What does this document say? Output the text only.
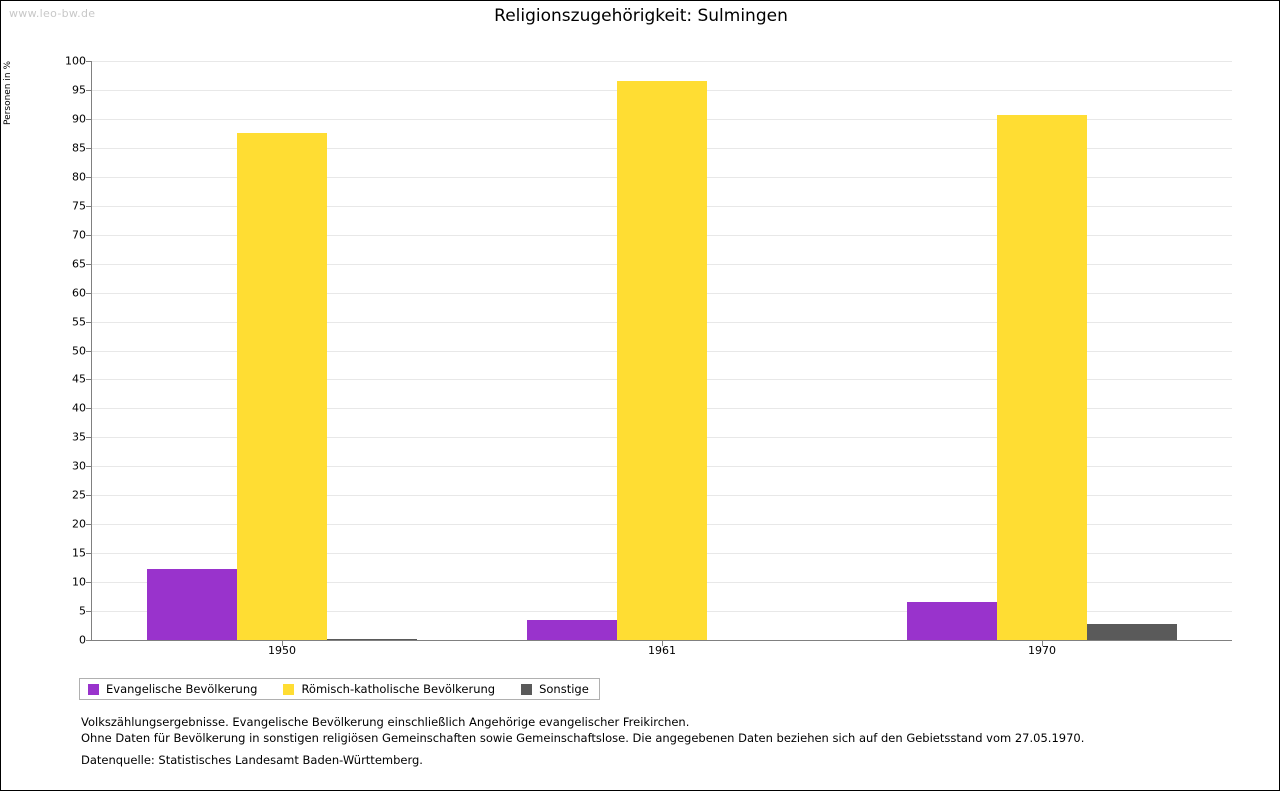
www.leo-bw.de	Religionszugehörigkeit: Sulmingen
Personen in %
0
5
10
15
20
25
30
35
40
45
50
55
60
65
70
75
80
85
90
95
100
1950	1961	1970
Evangelische Bevölkerung	Römisch-katholische Bevölkerung	Sonstige
Volkszählungsergebnisse. Evangelische Bevölkerung einschließlich Angehörige evangelischer Freikirchen.
Ohne Daten für Bevölkerung in sonstigen religiösen Gemeinschaften sowie Gemeinschaftslose. Die angegebenen Daten beziehen sich auf den Gebietsstand vom 27.05.1970.
Datenquelle: Statistisches Landesamt Baden-Württemberg.
